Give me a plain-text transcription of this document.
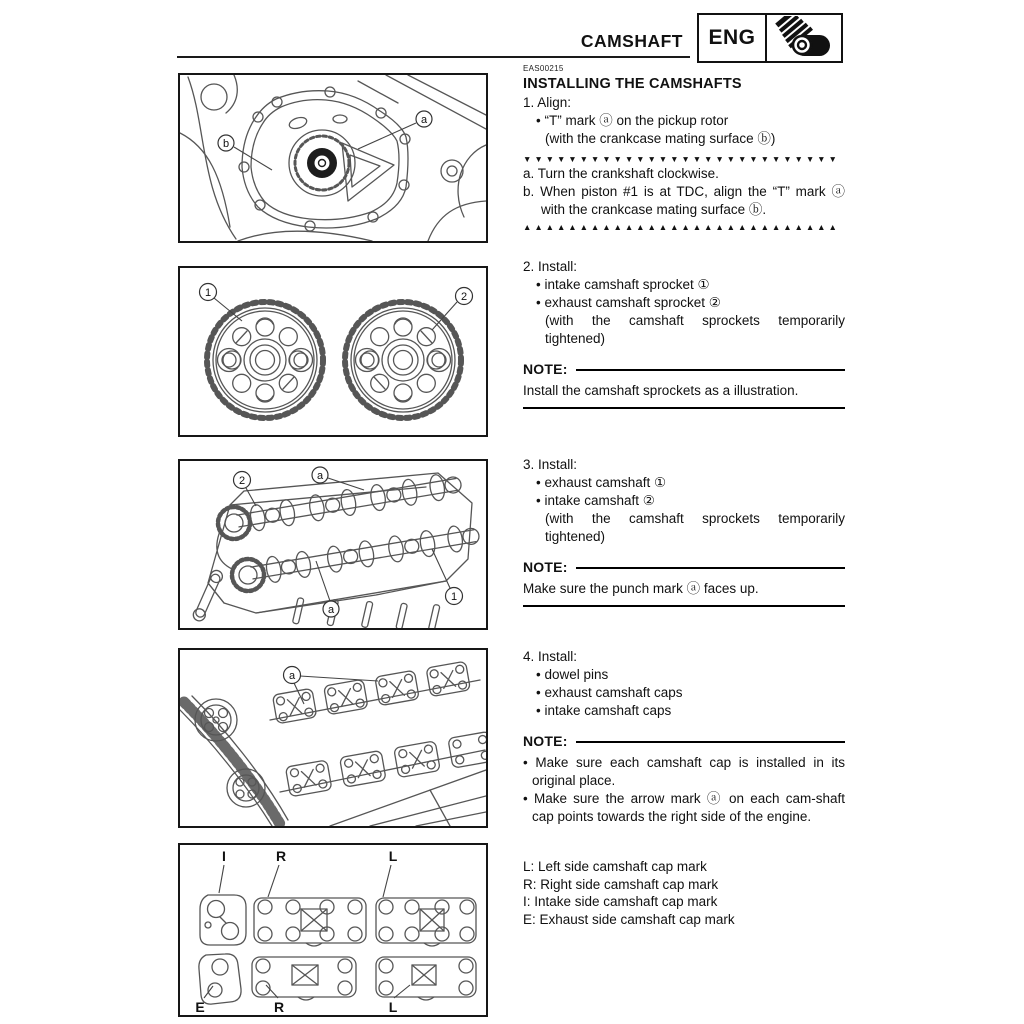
CAMSHAFT	ENG
a
b
1	2
2	a
a
1
a
I	R	L
E	R	L
EAS00215
INSTALLING THE CAMSHAFTS
1. Align:
• “T” mark ⓐ on the pickup rotor
(with the crankcase mating surface ⓑ)
▼▼▼▼▼▼▼▼▼▼▼▼▼▼▼▼▼▼▼▼▼▼▼▼▼▼▼▼
a. Turn the crankshaft clockwise.
b. When piston #1 is at TDC, align the “T” mark ⓐ with the crankcase mating surface ⓑ.
▲▲▲▲▲▲▲▲▲▲▲▲▲▲▲▲▲▲▲▲▲▲▲▲▲▲▲▲
2. Install:
• intake camshaft sprocket ①
• exhaust camshaft sprocket ②
(with the camshaft sprockets temporarily tightened)
NOTE:
Install the camshaft sprockets as a illustration.
3. Install:
• exhaust camshaft ①
• intake camshaft ②
(with the camshaft sprockets temporarily tightened)
NOTE:
Make sure the punch mark ⓐ faces up.
4. Install:
• dowel pins
• exhaust camshaft caps
• intake camshaft caps
NOTE:
• Make sure each camshaft cap is installed in its original place.
• Make sure the arrow mark ⓐ on each cam-shaft cap points towards the right side of the engine.
L: Left side camshaft cap mark
R: Right side camshaft cap mark
I: Intake side camshaft cap mark
E: Exhaust side camshaft cap mark
